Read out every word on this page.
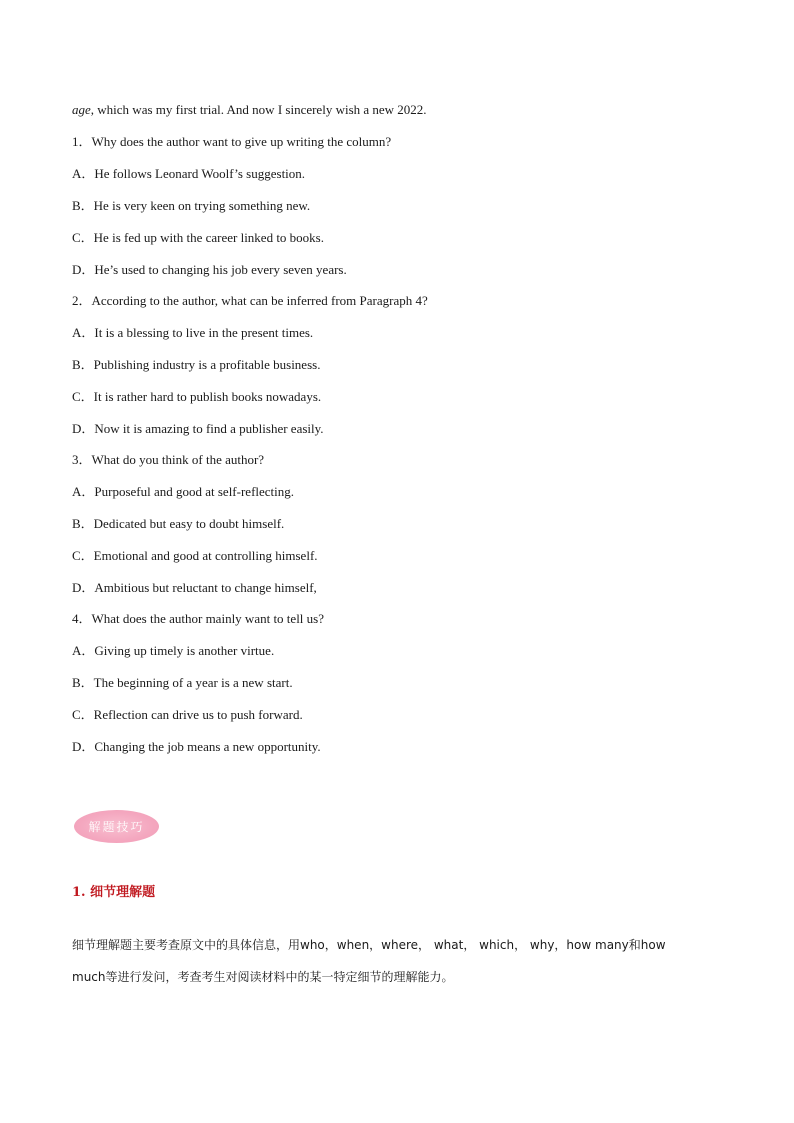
age, which was my first trial. And now I sincerely wish a new 2022.
1．Why does the author want to give up writing the column?
A．He follows Leonard Woolf’s suggestion.
B．He is very keen on trying something new.
C．He is fed up with the career linked to books.
D．He’s used to changing his job every seven years.
2．According to the author, what can be inferred from Paragraph 4?
A．It is a blessing to live in the present times.
B．Publishing industry is a profitable business.
C．It is rather hard to publish books nowadays.
D．Now it is amazing to find a publisher easily.
3．What do you think of the author?
A．Purposeful and good at self-reflecting.
B．Dedicated but easy to doubt himself.
C．Emotional and good at controlling himself.
D．Ambitious but reluctant to change himself,
4．What does the author mainly want to tell us?
A．Giving up timely is another virtue.
B．The beginning of a year is a new start.
C．Reflection can drive us to push forward.
D．Changing the job means a new opportunity.
解题技巧
1. 细节理解题
细节理解题主要考查原文中的具体信息，用who，when，where， what， which， why，how many和how
much等进行发问，考查考生对阅读材料中的某一特定细节的理解能力。
